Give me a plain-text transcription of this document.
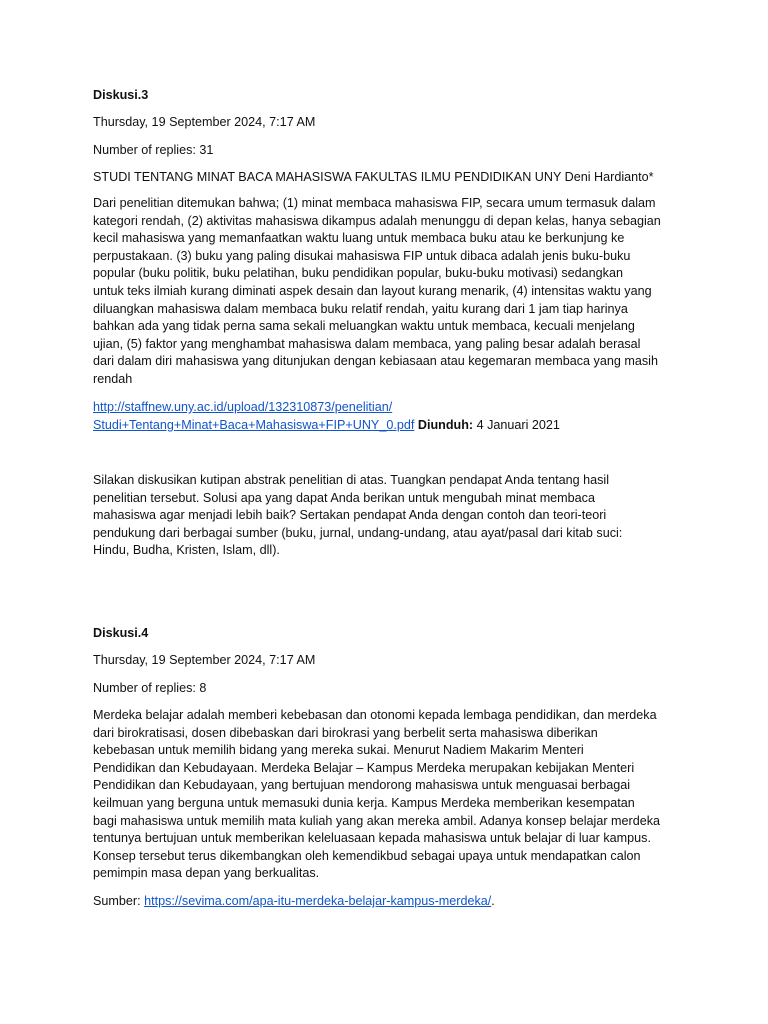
Diskusi.3
Thursday, 19 September 2024, 7:17 AM
Number of replies: 31
STUDI TENTANG MINAT BACA MAHASISWA FAKULTAS ILMU PENDIDIKAN UNY Deni Hardianto*
Dari penelitian ditemukan bahwa; (1) minat membaca mahasiswa FIP, secara umum termasuk dalam
kategori rendah, (2) aktivitas mahasiswa dikampus adalah menunggu di depan kelas, hanya sebagian
kecil mahasiswa yang memanfaatkan waktu luang untuk membaca buku atau ke berkunjung ke
perpustakaan. (3) buku yang paling disukai mahasiswa FIP untuk dibaca adalah jenis buku-buku
popular (buku politik, buku pelatihan, buku pendidikan popular, buku-buku motivasi) sedangkan
untuk teks ilmiah kurang diminati aspek desain dan layout kurang menarik, (4) intensitas waktu yang
diluangkan mahasiswa dalam membaca buku relatif rendah, yaitu kurang dari 1 jam tiap harinya
bahkan ada yang tidak perna sama sekali meluangkan waktu untuk membaca, kecuali menjelang
ujian, (5) faktor yang menghambat mahasiswa dalam membaca, yang paling besar adalah berasal
dari dalam diri mahasiswa yang ditunjukan dengan kebiasaan atau kegemaran membaca yang masih
rendah
http://staffnew.uny.ac.id/upload/132310873/penelitian/
Studi+Tentang+Minat+Baca+Mahasiswa+FIP+UNY_0.pdf Diunduh: 4 Januari 2021
Silakan diskusikan kutipan abstrak penelitian di atas. Tuangkan pendapat Anda tentang hasil
penelitian tersebut. Solusi apa yang dapat Anda berikan untuk mengubah minat membaca
mahasiswa agar menjadi lebih baik? Sertakan pendapat Anda dengan contoh dan teori-teori
pendukung dari berbagai sumber (buku, jurnal, undang-undang, atau ayat/pasal dari kitab suci:
Hindu, Budha, Kristen, Islam, dll).
Diskusi.4
Thursday, 19 September 2024, 7:17 AM
Number of replies: 8
Merdeka belajar adalah memberi kebebasan dan otonomi kepada lembaga pendidikan, dan merdeka
dari birokratisasi, dosen dibebaskan dari birokrasi yang berbelit serta mahasiswa diberikan
kebebasan untuk memilih bidang yang mereka sukai. Menurut Nadiem Makarim Menteri
Pendidikan dan Kebudayaan. Merdeka Belajar – Kampus Merdeka merupakan kebijakan Menteri
Pendidikan dan Kebudayaan, yang bertujuan mendorong mahasiswa untuk menguasai berbagai
keilmuan yang berguna untuk memasuki dunia kerja. Kampus Merdeka memberikan kesempatan
bagi mahasiswa untuk memilih mata kuliah yang akan mereka ambil. Adanya konsep belajar merdeka
tentunya bertujuan untuk memberikan keleluasaan kepada mahasiswa untuk belajar di luar kampus.
Konsep tersebut terus dikembangkan oleh kemendikbud sebagai upaya untuk mendapatkan calon
pemimpin masa depan yang berkualitas.
Sumber: https://sevima.com/apa-itu-merdeka-belajar-kampus-merdeka/.
